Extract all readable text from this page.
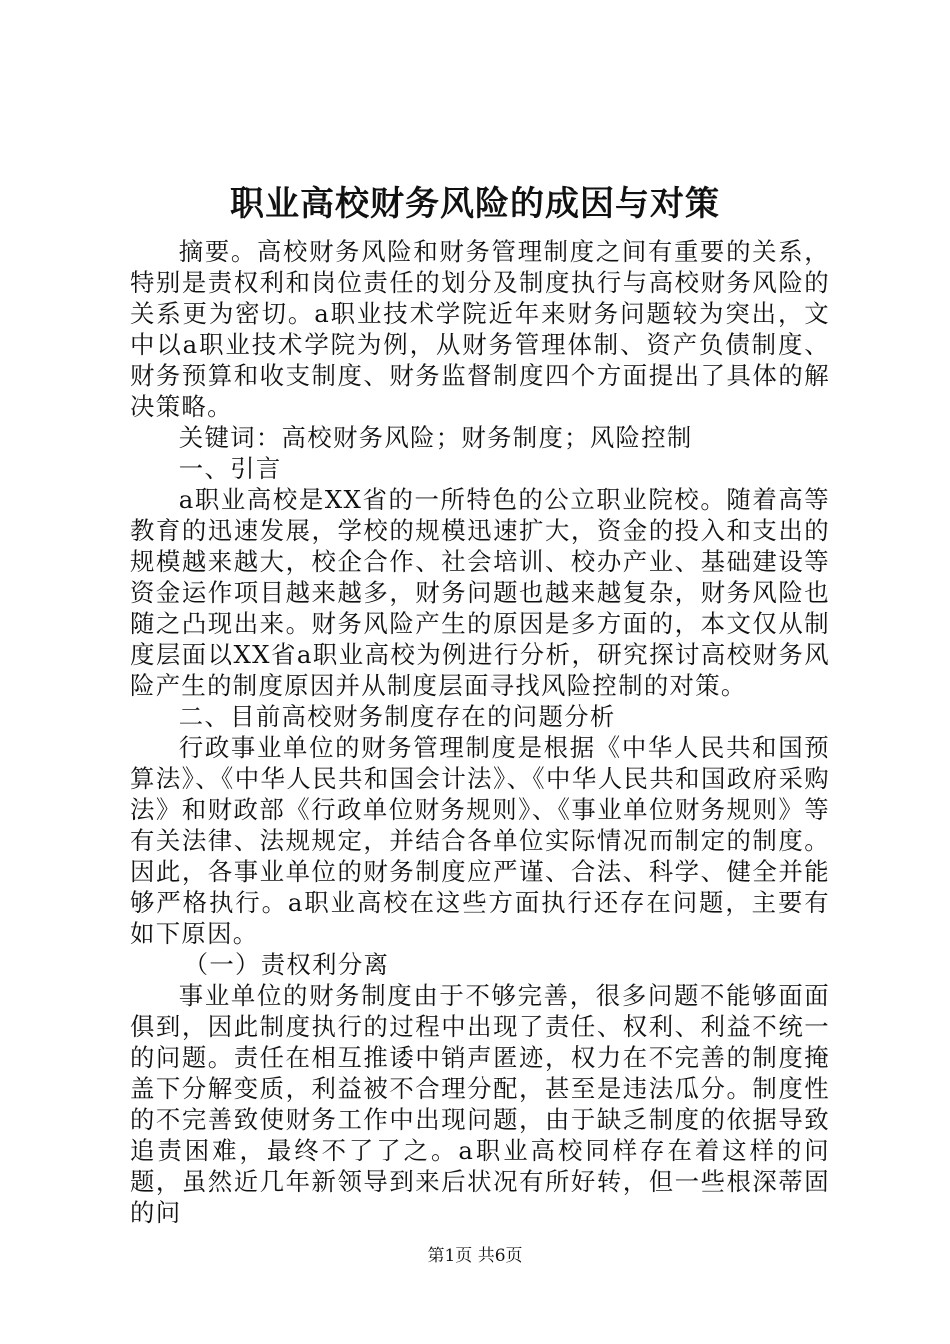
职业高校财务风险的成因与对策

摘要。高校财务风险和财务管理制度之间有重要的关系，特别是责权利和岗位责任的划分及制度执行与高校财务风险的关系更为密切。a职业技术学院近年来财务问题较为突出，文中以a职业技术学院为例，从财务管理体制、资产负债制度、财务预算和收支制度、财务监督制度四个方面提出了具体的解决策略。

关键词：高校财务风险；财务制度；风险控制

一、引言

a职业高校是XX省的一所特色的公立职业院校。随着高等教育的迅速发展，学校的规模迅速扩大，资金的投入和支出的规模越来越大，校企合作、社会培训、校办产业、基础建设等资金运作项目越来越多，财务问题也越来越复杂，财务风险也随之凸现出来。财务风险产生的原因是多方面的，本文仅从制度层面以XX省a职业高校为例进行分析，研究探讨高校财务风险产生的制度原因并从制度层面寻找风险控制的对策。

二、目前高校财务制度存在的问题分析

行政事业单位的财务管理制度是根据《中华人民共和国预算法》、《中华人民共和国会计法》、《中华人民共和国政府采购法》和财政部《行政单位财务规则》、《事业单位财务规则》等有关法律、法规规定，并结合各单位实际情况而制定的制度。因此，各事业单位的财务制度应严谨、合法、科学、健全并能够严格执行。a职业高校在这些方面执行还存在问题，主要有如下原因。

（一）责权利分离

事业单位的财务制度由于不够完善，很多问题不能够面面俱到，因此制度执行的过程中出现了责任、权利、利益不统一的问题。责任在相互推诿中销声匿迹，权力在不完善的制度掩盖下分解变质，利益被不合理分配，甚至是违法瓜分。制度性的不完善致使财务工作中出现问题，由于缺乏制度的依据导致追责困难，最终不了了之。a职业高校同样存在着这样的问题，虽然近几年新领导到来后状况有所好转，但一些根深蒂固的问

第1页 共6页
